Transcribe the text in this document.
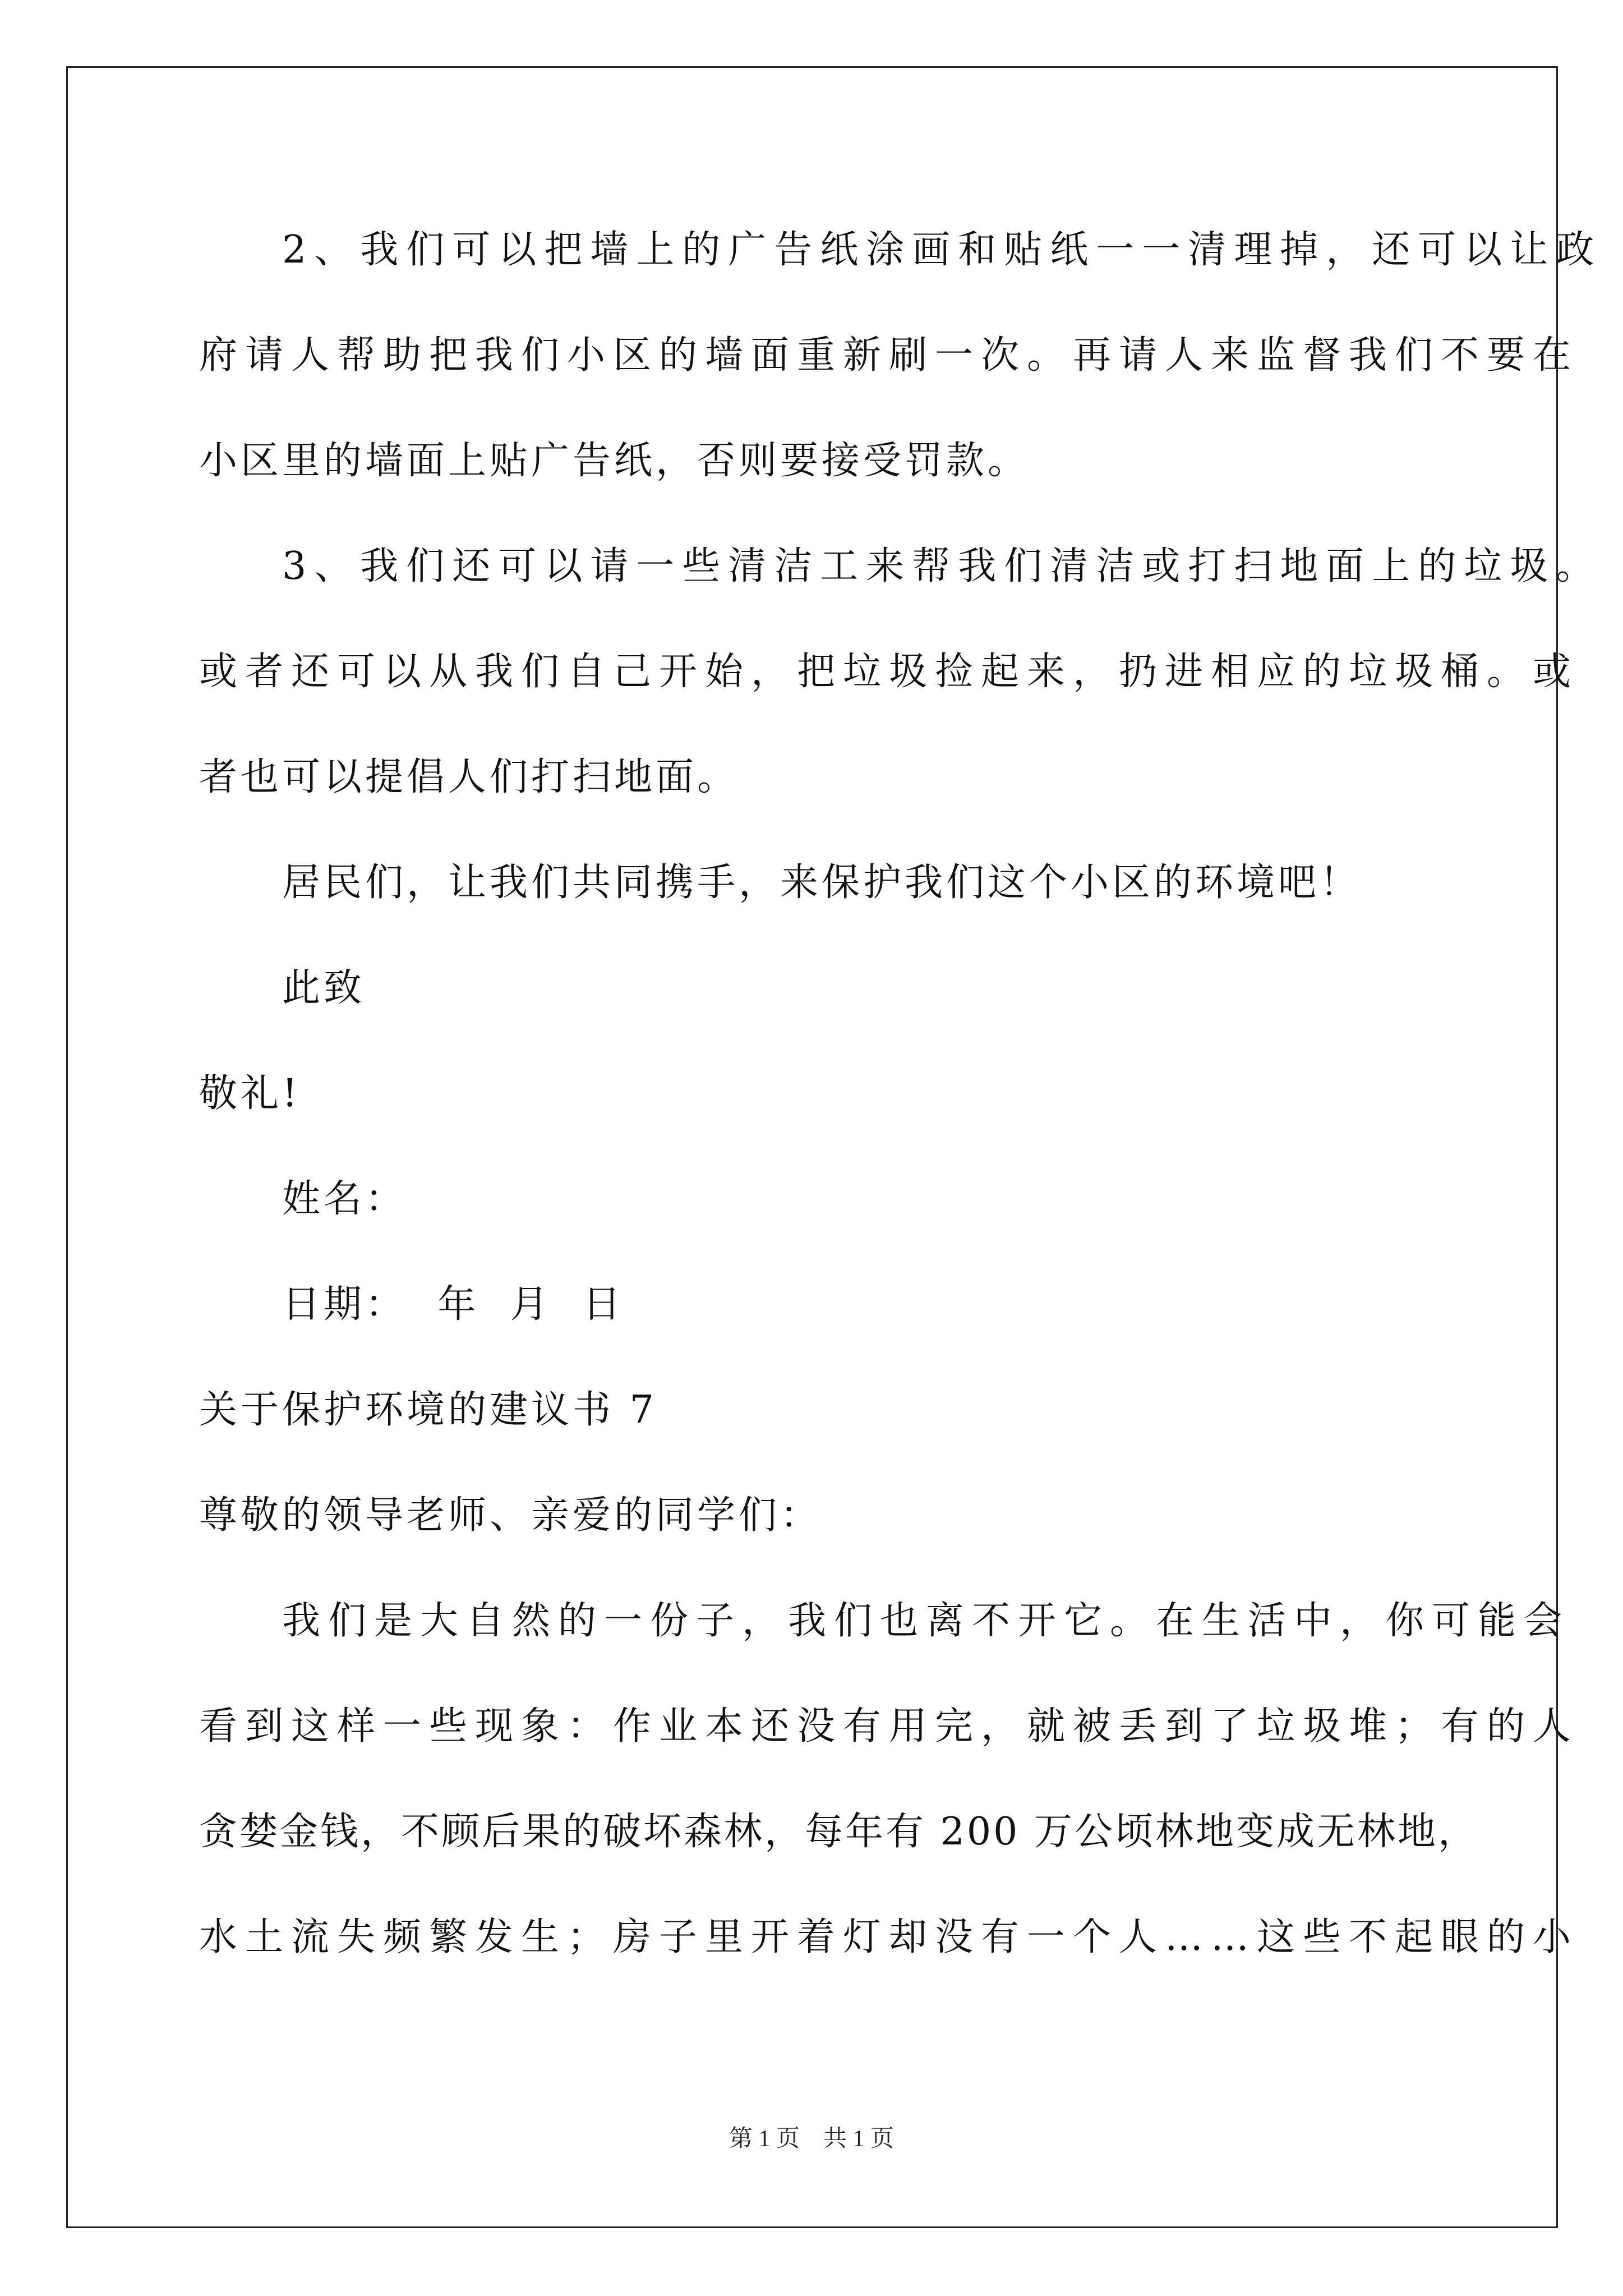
2、我们可以把墙上的广告纸涂画和贴纸一一清理掉，还可以让政
府请人帮助把我们小区的墙面重新刷一次。再请人来监督我们不要在
小区里的墙面上贴广告纸，否则要接受罚款。
3、我们还可以请一些清洁工来帮我们清洁或打扫地面上的垃圾。
或者还可以从我们自己开始，把垃圾捡起来，扔进相应的垃圾桶。或
者也可以提倡人们打扫地面。
居民们，让我们共同携手，来保护我们这个小区的环境吧！
此致
敬礼!
姓名：
日期：  年  月  日
关于保护环境的建议书 7
尊敬的领导老师、亲爱的同学们：
我们是大自然的一份子，我们也离不开它。在生活中，你可能会
看到这样一些现象：作业本还没有用完，就被丢到了垃圾堆；有的人
贪婪金钱，不顾后果的破坏森林，每年有 200 万公顷林地变成无林地，
水土流失频繁发生；房子里开着灯却没有一个人……这些不起眼的小
第 1 页    共 1 页
